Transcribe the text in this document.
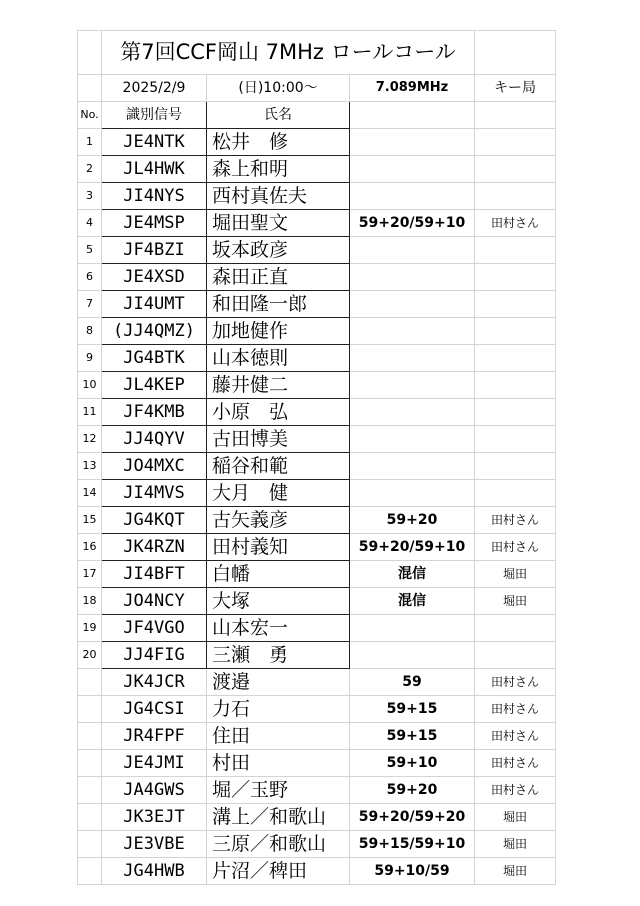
	第7回CCF岡山 7MHz ロールコール			
	2025/2/9	(日)10:00～	7.089MHz	キー局
No.	識別信号	氏名		
1	JE4NTK	松井　修		
2	JL4HWK	森上和明		
3	JI4NYS	西村真佐夫		
4	JE4MSP	堀田聖文	59+20/59+10	田村さん
5	JF4BZI	坂本政彦		
6	JE4XSD	森田正直		
7	JI4UMT	和田隆一郎		
8	(JJ4QMZ)	加地健作		
9	JG4BTK	山本徳則		
10	JL4KEP	藤井健二		
11	JF4KMB	小原　弘		
12	JJ4QYV	古田博美		
13	JO4MXC	稲谷和範		
14	JI4MVS	大月　健		
15	JG4KQT	古矢義彦	59+20	田村さん
16	JK4RZN	田村義知	59+20/59+10	田村さん
17	JI4BFT	白幡	混信	堀田
18	JO4NCY	大塚	混信	堀田
19	JF4VGO	山本宏一		
20	JJ4FIG	三瀬　勇		
	JK4JCR	渡邉	59	田村さん
	JG4CSI	力石	59+15	田村さん
	JR4FPF	住田	59+15	田村さん
	JE4JMI	村田	59+10	田村さん
	JA4GWS	堀／玉野	59+20	田村さん
	JK3EJT	溝上／和歌山	59+20/59+20	堀田
	JE3VBE	三原／和歌山	59+15/59+10	堀田
	JG4HWB	片沼／稗田	59+10/59	堀田
